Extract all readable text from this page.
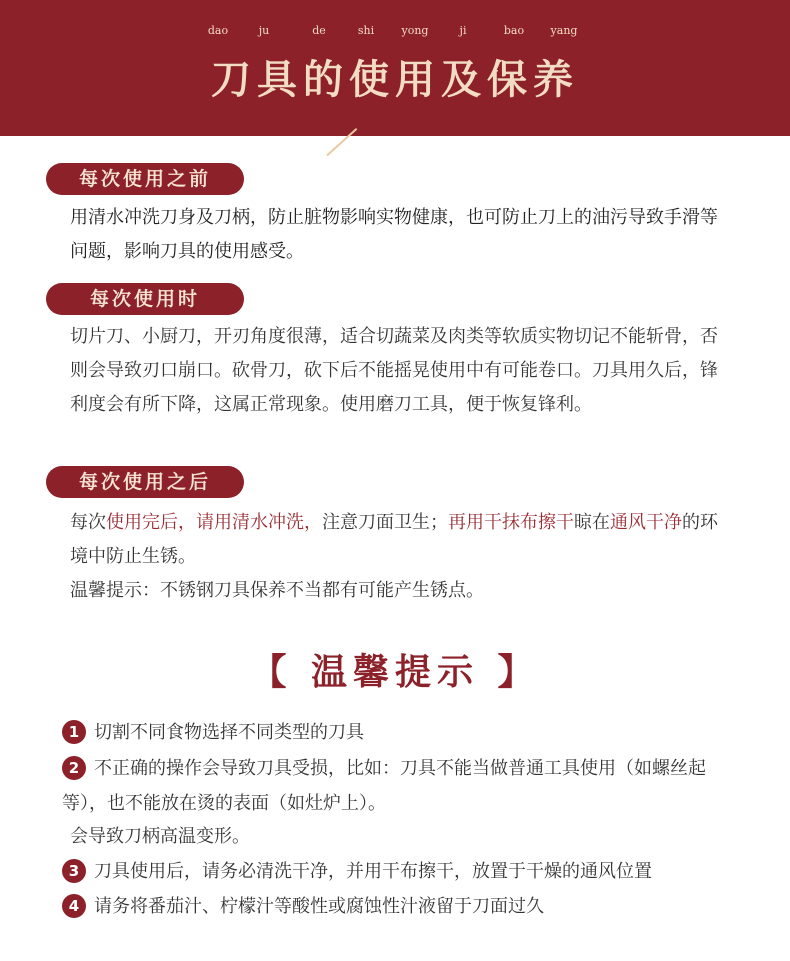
dao	ju	de	shi yong	ji	bao yang
刀具的使用及保养
每次使用之前
用清水冲洗刀身及刀柄，防止脏物影响实物健康，也可防止刀上的油污导致手滑等问题，影响刀具的使用感受。
每次使用时
切片刀、小厨刀，开刃角度很薄，适合切蔬菜及肉类等软质实物切记不能斩骨，否则会导致刃口崩口。砍骨刀，砍下后不能摇晃使用中有可能卷口。刀具用久后，锋利度会有所下降，这属正常现象。使用磨刀工具，便于恢复锋利。
每次使用之后
每次使用完后，请用清水冲洗，注意刀面卫生；再用干抹布擦干晾在通风干净的环境中防止生锈。
温馨提示：不锈钢刀具保养不当都有可能产生锈点。
【 温馨提示 】
1 切割不同食物选择不同类型的刀具
2 不正确的操作会导致刀具受损，比如：刀具不能当做普通工具使用（如螺丝起等），也不能放在烫的表面（如灶炉上）。
会导致刀柄高温变形。
3 刀具使用后，请务必清洗干净，并用干布擦干，放置于干燥的通风位置
4 请务将番茄汁、柠檬汁等酸性或腐蚀性汁液留于刀面过久
